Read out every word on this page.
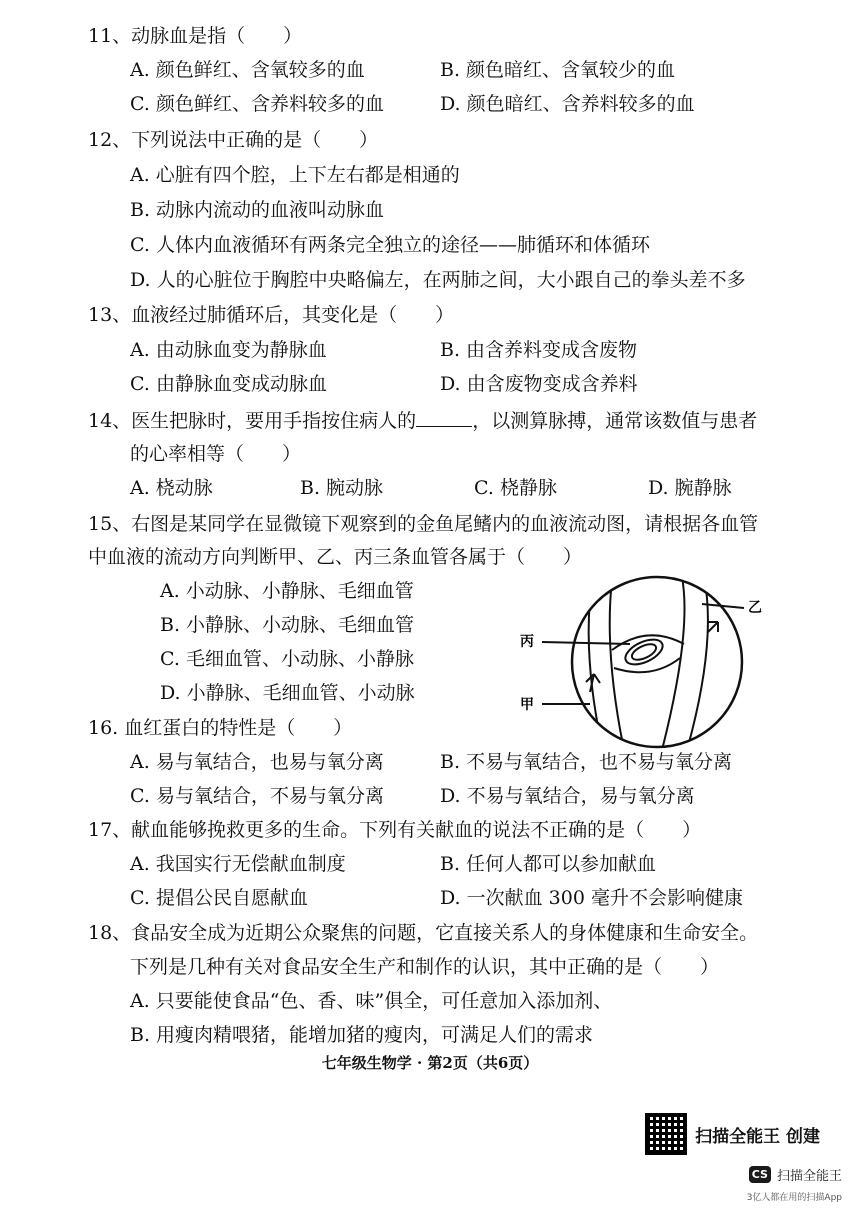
11、动脉血是指（　　）
A. 颜色鲜红、含氧较多的血	B. 颜色暗红、含氧较少的血
C. 颜色鲜红、含养料较多的血	D. 颜色暗红、含养料较多的血
12、下列说法中正确的是（　　）
A. 心脏有四个腔，上下左右都是相通的
B. 动脉内流动的血液叫动脉血
C. 人体内血液循环有两条完全独立的途径——肺循环和体循环
D. 人的心脏位于胸腔中央略偏左，在两肺之间，大小跟自己的拳头差不多
13、血液经过肺循环后，其变化是（　　）
A. 由动脉血变为静脉血	B. 由含养料变成含废物
C. 由静脉血变成动脉血	D. 由含废物变成含养料
14、医生把脉时，要用手指按住病人的	，以测算脉搏，通常该数值与患者
的心率相等（　　）
A. 桡动脉	B. 腕动脉	C. 桡静脉	D. 腕静脉
15、右图是某同学在显微镜下观察到的金鱼尾鳍内的血液流动图，请根据各血管
中血液的流动方向判断甲、乙、丙三条血管各属于（　　）
A. 小动脉、小静脉、毛细血管
B. 小静脉、小动脉、毛细血管
C. 毛细血管、小动脉、小静脉
D. 小静脉、毛细血管、小动脉
乙
丙
甲
16. 血红蛋白的特性是（　　）
A. 易与氧结合，也易与氧分离	B. 不易与氧结合，也不易与氧分离
C. 易与氧结合，不易与氧分离	D. 不易与氧结合，易与氧分离
17、献血能够挽救更多的生命。下列有关献血的说法不正确的是（　　）
A. 我国实行无偿献血制度	B. 任何人都可以参加献血
C. 提倡公民自愿献血	D. 一次献血 300 毫升不会影响健康
18、食品安全成为近期公众聚焦的问题，它直接关系人的身体健康和生命安全。
下列是几种有关对食品安全生产和制作的认识，其中正确的是（　　）
A. 只要能使食品“色、香、味”俱全，可任意加入添加剂、
B. 用瘦肉精喂猪，能增加猪的瘦肉，可满足人们的需求
七年级生物学 · 第2页（共6页）
扫描全能王 创建
CS 扫描全能王
3亿人都在用的扫描App
